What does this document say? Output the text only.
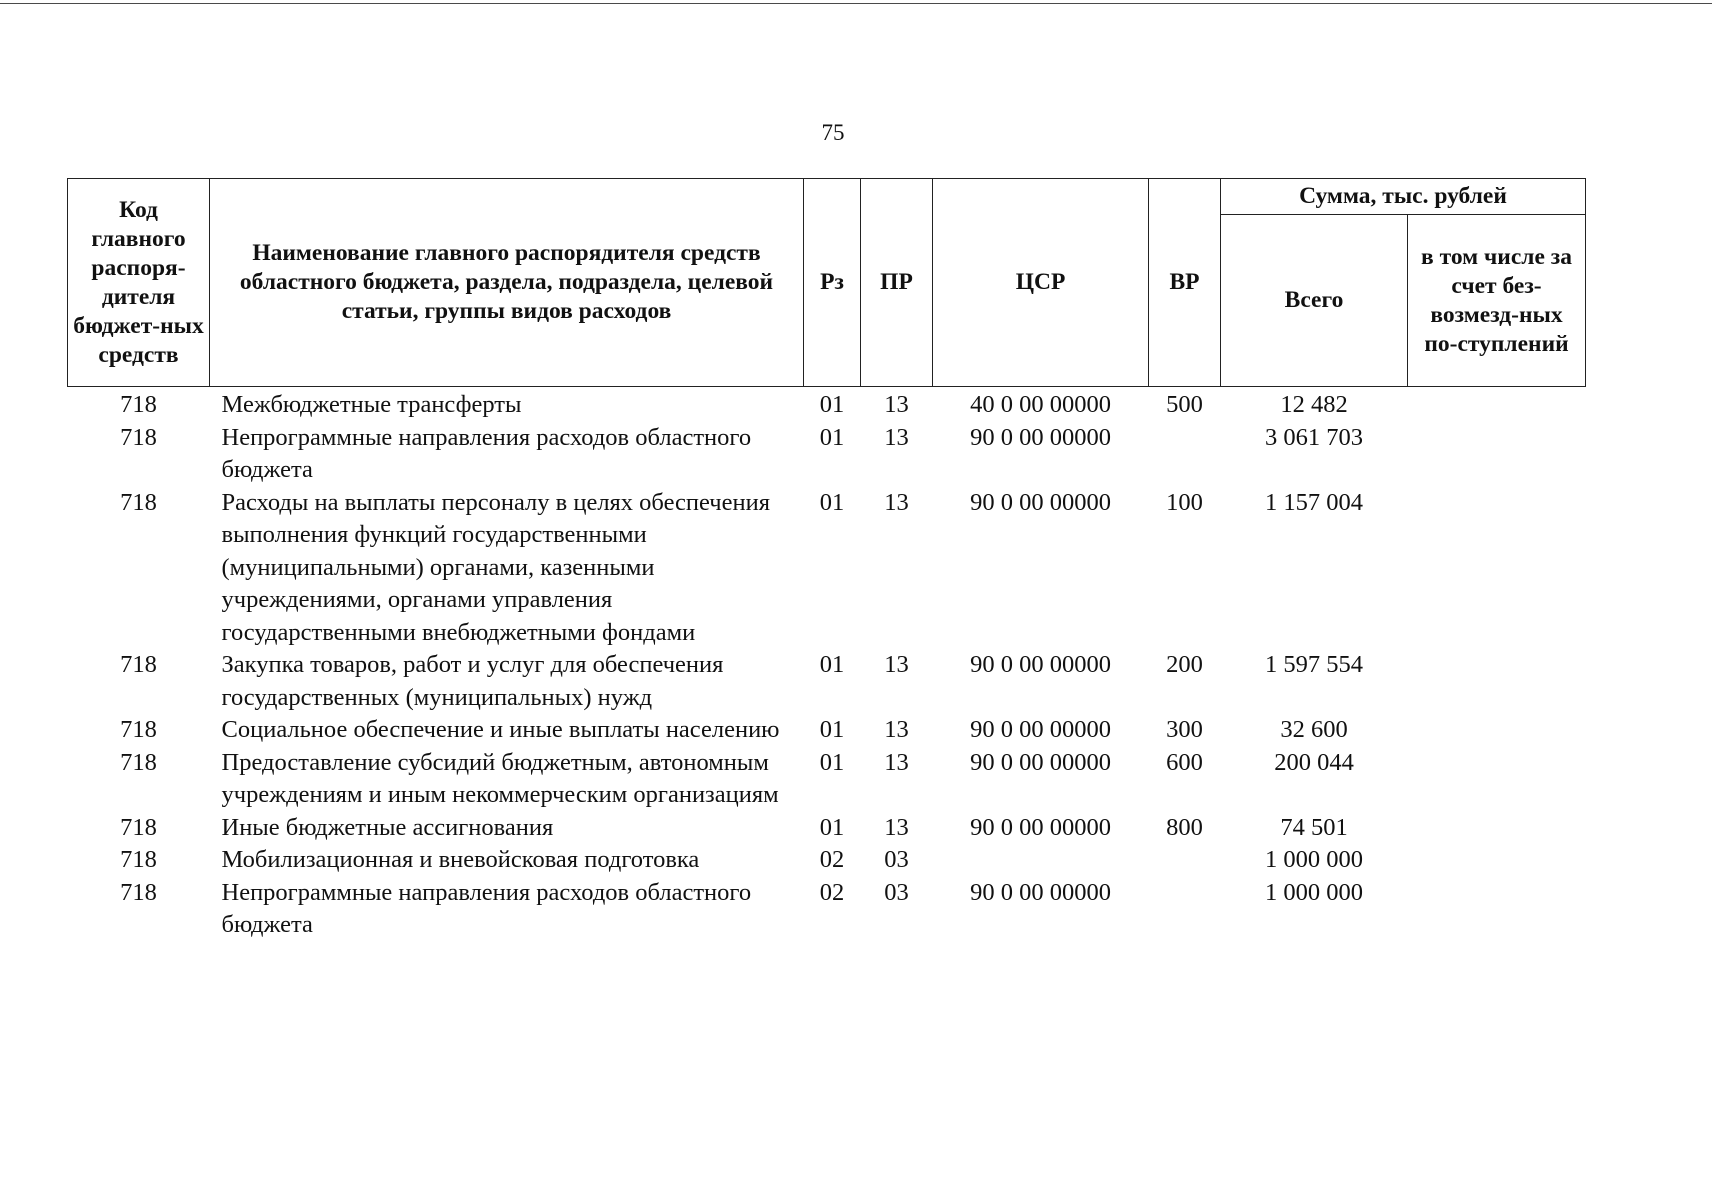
75
Код главного распоря-дителя бюджет-ных средств	Наименование главного распорядителя средств областного бюджета, раздела, подраздела, целевой статьи, группы видов расходов	Рз	ПР	ЦСР	ВР	Сумма, тыс. рублей	
						Всего	в том числе за счет без-возмезд-ных по-ступлений
718	Межбюджетные трансферты	01	13	40 0 00 00000	500	12 482	
718	Непрограммные направления расходов областного бюджета	01	13	90 0 00 00000		3 061 703	
718	Расходы на выплаты персоналу в целях обеспечения выполнения функций государственными (муниципальными) органами, казенными учреждениями, органами управления государственными внебюджетными фондами	01	13	90 0 00 00000	100	1 157 004	
718	Закупка товаров, работ и услуг для обеспечения государственных (муниципальных) нужд	01	13	90 0 00 00000	200	1 597 554	
718	Социальное обеспечение и иные выплаты населению	01	13	90 0 00 00000	300	32 600	
718	Предоставление субсидий бюджетным, автономным учреждениям и иным некоммерческим организациям	01	13	90 0 00 00000	600	200 044	
718	Иные бюджетные ассигнования	01	13	90 0 00 00000	800	74 501	
718	Мобилизационная и вневойсковая подготовка	02	03			1 000 000	
718	Непрограммные направления расходов областного бюджета	02	03	90 0 00 00000		1 000 000	
